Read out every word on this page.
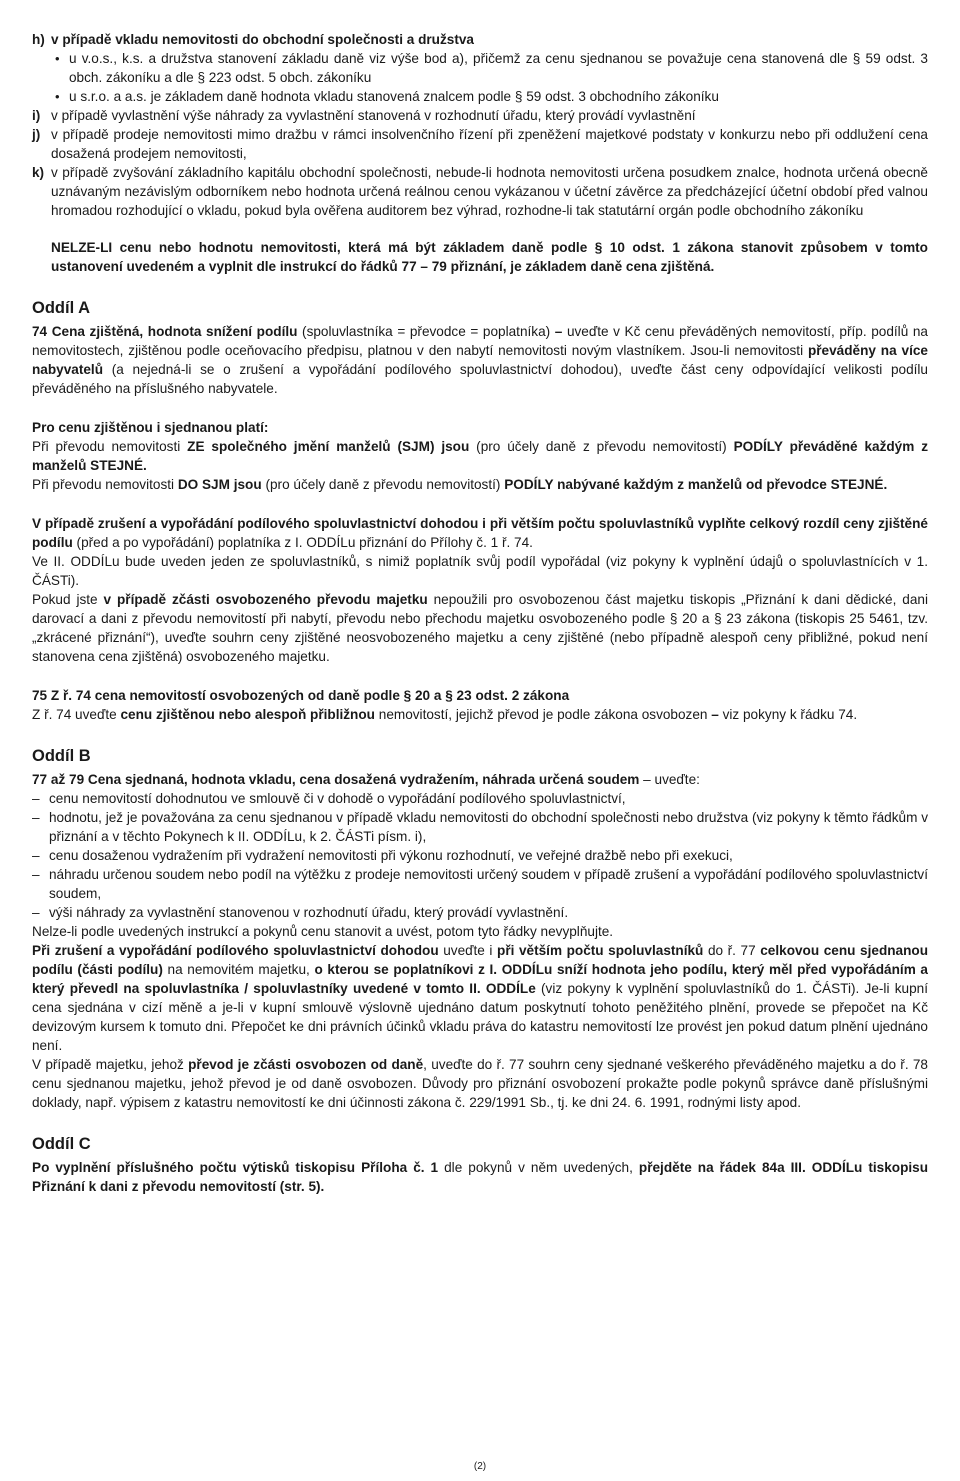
h) v případě vkladu nemovitosti do obchodní společnosti a družstva

• u v.o.s., k.s. a družstva stanovení základu daně viz výše bod a), přičemž za cenu sjednanou se považuje cena stanovená dle § 59 odst. 3 obch. zákoníku a dle § 223 odst. 5 obch. zákoníku

• u s.r.o. a a.s. je základem daně hodnota vkladu stanovená znalcem podle § 59 odst. 3 obchodního zákoníku

i) v případě vyvlastnění výše náhrady za vyvlastnění stanovená v rozhodnutí úřadu, který provádí vyvlastnění

j) v případě prodeje nemovitosti mimo dražbu v rámci insolvenčního řízení při zpeněžení majetkové podstaty v konkurzu nebo při oddlužení cena dosažená prodejem nemovitosti,

k) v případě zvyšování základního kapitálu obchodní společnosti, nebude-li hodnota nemovitosti určena posudkem znalce, hodnota určená obecně uznávaným nezávislým odborníkem nebo hodnota určená reálnou cenou vykázanou v účetní závěrce za předcházející účetní období před valnou hromadou rozhodující o vkladu, pokud byla ověřena auditorem bez výhrad, rozhodne-li tak statutární orgán podle obchodního zákoníku

NELZE-LI cenu nebo hodnotu nemovitosti, která má být základem daně podle § 10 odst. 1 zákona stanovit způsobem v tomto ustanovení uvedeném a vyplnit dle instrukcí do řádků 77 – 79 přiznání, je základem daně cena zjištěná.

Oddíl A

74 Cena zjištěná, hodnota snížení podílu (spoluvlastníka = převodce = poplatníka) – uveďte v Kč cenu převáděných nemovitostí, příp. podílů na nemovitostech, zjištěnou podle oceňovacího předpisu, platnou v den nabytí nemovitosti novým vlastníkem. Jsou-li nemovitosti převáděny na více nabyvatelů (a nejedná-li se o zrušení a vypořádání podílového spoluvlastnictví dohodou), uveďte část ceny odpovídající velikosti podílu převáděného na příslušného nabyvatele.

Pro cenu zjištěnou i sjednanou platí:

Při převodu nemovitosti ZE společného jmění manželů (SJM) jsou (pro účely daně z převodu nemovitostí) PODÍLY převáděné každým z manželů STEJNÉ.

Při převodu nemovitosti DO SJM jsou (pro účely daně z převodu nemovitostí) PODÍLY nabývané každým z manželů od převodce STEJNÉ.

V případě zrušení a vypořádání podílového spoluvlastnictví dohodou i při větším počtu spoluvlastníků vyplňte celkový rozdíl ceny zjištěné podílu (před a po vypořádání) poplatníka z I. ODDÍLu přiznání do Přílohy č. 1 ř. 74.

Ve II. ODDÍLu bude uveden jeden ze spoluvlastníků, s nimiž poplatník svůj podíl vypořádal (viz pokyny k vyplnění údajů o spoluvlastnících v 1. ČÁSTi).

Pokud jste v případě zčásti osvobozeného převodu majetku nepoužili pro osvobozenou část majetku tiskopis „Přiznání k dani dědické, dani darovací a dani z převodu nemovitostí při nabytí, převodu nebo přechodu majetku osvobozeného podle § 20 a § 23 zákona (tiskopis 25 5461, tzv. „zkrácené přiznání“), uveďte souhrn ceny zjištěné neosvobozeného majetku a ceny zjištěné (nebo případně alespoň ceny přibližné, pokud není stanovena cena zjištěná) osvobozeného majetku.

75 Z ř. 74 cena nemovitostí osvobozených od daně podle § 20 a § 23 odst. 2 zákona

Z ř. 74 uveďte cenu zjištěnou nebo alespoň přibližnou nemovitostí, jejichž převod je podle zákona osvobozen – viz pokyny k řádku 74.

Oddíl B

77 až 79 Cena sjednaná, hodnota vkladu, cena dosažená vydražením, náhrada určená soudem – uveďte:

– cenu nemovitostí dohodnutou ve smlouvě či v dohodě o vypořádání podílového spoluvlastnictví,

– hodnotu, jež je považována za cenu sjednanou v případě vkladu nemovitosti do obchodní společnosti nebo družstva (viz pokyny k těmto řádkům v přiznání a v těchto Pokynech k II. ODDÍLu, k 2. ČÁSTi písm. i),

– cenu dosaženou vydražením při vydražení nemovitosti při výkonu rozhodnutí, ve veřejné dražbě nebo při exekuci,

– náhradu určenou soudem nebo podíl na výtěžku z prodeje nemovitosti určený soudem v případě zrušení a vypořádání podílového spoluvlastnictví soudem,

– výši náhrady za vyvlastnění stanovenou v rozhodnutí úřadu, který provádí vyvlastnění.

Nelze-li podle uvedených instrukcí a pokynů cenu stanovit a uvést, potom tyto řádky nevyplňujte.

Při zrušení a vypořádání podílového spoluvlastnictví dohodou uveďte i při větším počtu spoluvlastníků do ř. 77 celkovou cenu sjednanou podílu (části podílu) na nemovitém majetku, o kterou se poplatníkovi z I. ODDÍLu sníží hodnota jeho podílu, který měl před vypořádáním a který převedl na spoluvlastníka / spoluvlastníky uvedené v tomto II. ODDÍLe (viz pokyny k vyplnění spoluvlastníků do 1. ČÁSTi). Je-li kupní cena sjednána v cizí měně a je-li v kupní smlouvě výslovně ujednáno datum poskytnutí tohoto peněžitého plnění, provede se přepočet na Kč devizovým kursem k tomuto dni. Přepočet ke dni právních účinků vkladu práva do katastru nemovitostí lze provést jen pokud datum plnění ujednáno není.

V případě majetku, jehož převod je zčásti osvobozen od daně, uveďte do ř. 77 souhrn ceny sjednané veškerého převáděného majetku a do ř. 78 cenu sjednanou majetku, jehož převod je od daně osvobozen. Důvody pro přiznání osvobození prokažte podle pokynů správce daně příslušnými doklady, např. výpisem z katastru nemovitostí ke dni účinnosti zákona č. 229/1991 Sb., tj. ke dni 24. 6. 1991, rodnými listy apod.

Oddíl C

Po vyplnění příslušného počtu výtisků tiskopisu Příloha č. 1 dle pokynů v něm uvedených, přejděte na řádek 84a III. ODDÍLu tiskopisu Přiznání k dani z převodu nemovitostí (str. 5).

(2)
